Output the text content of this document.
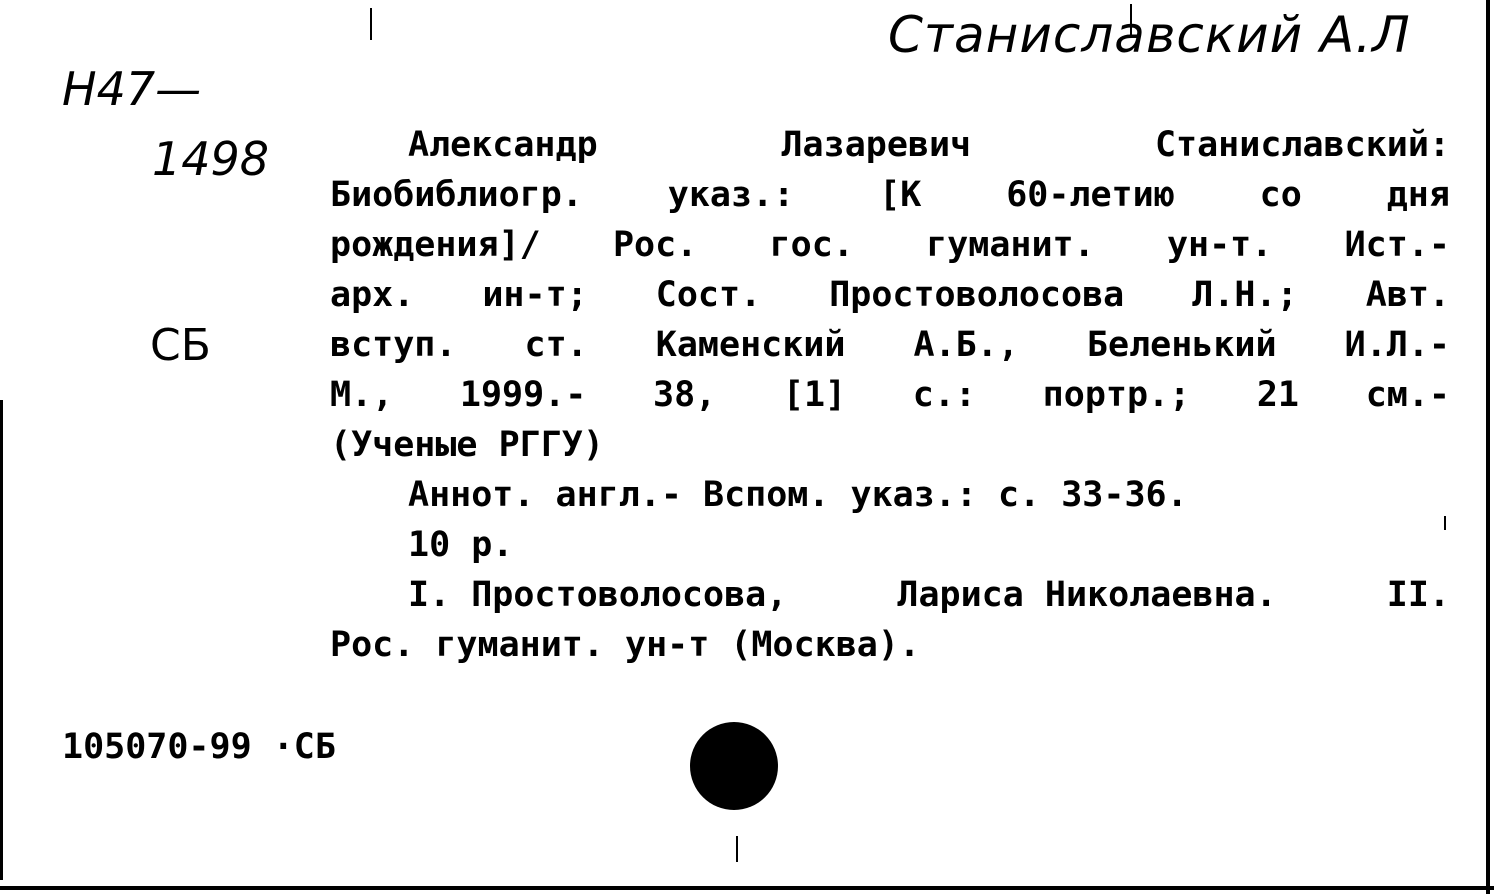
Станиславский А.Л
Н47—
1498
СБ
Александр	Лазаревич	Станиславский:
Биобиблиогр. указ.: [К 60-летию со дня
рождения]/ Рос. гос. гуманит. ун-т. Ист.-
арх. ин-т; Сост. Простоволосова Л.Н.; Авт.
вступ. ст. Каменский А.Б., Беленький И.Л.-
М., 1999.- 38, [1] с.: портр.; 21 см.-
(Ученые РГГУ)
Аннот. англ.- Вспом. указ.: с. 33-36.
10 р.
I. Простоволосова,	Лариса Николаевна.	II.
Рос. гуманит. ун-т (Москва).
105070-99 ·СБ
